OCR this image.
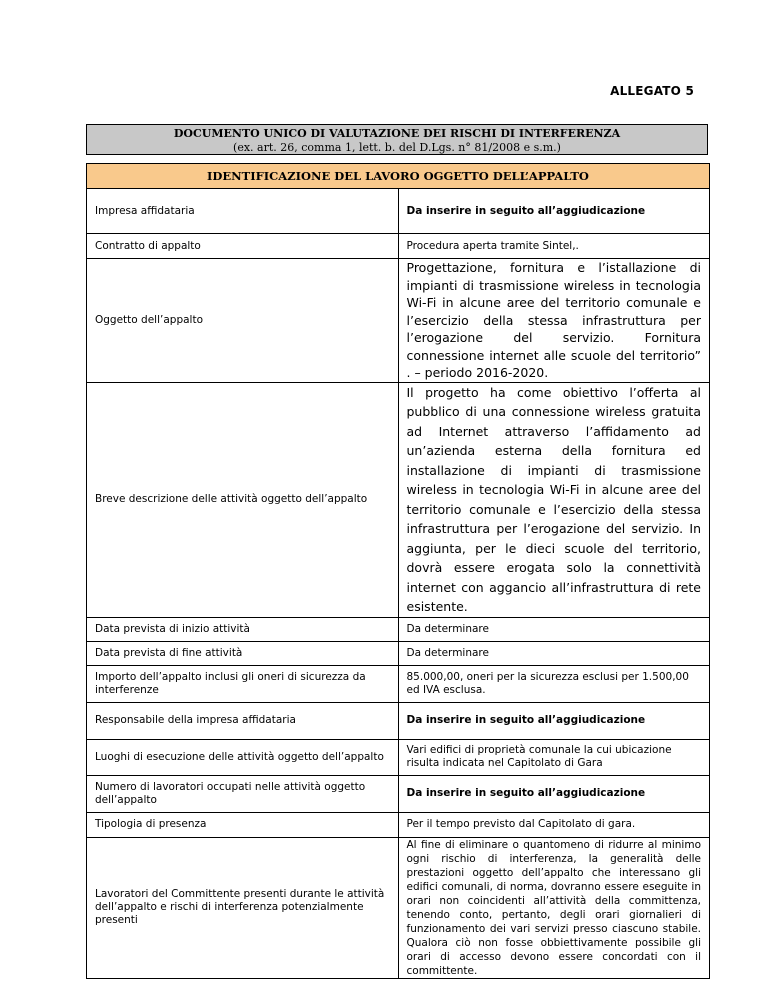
ALLEGATO 5
DOCUMENTO UNICO DI VALUTAZIONE DEI RISCHI DI INTERFERENZA
(ex. art. 26, comma 1, lett. b. del D.Lgs. n° 81/2008 e s.m.)
IDENTIFICAZIONE DEL LAVORO OGGETTO DELL’APPALTO	
Impresa affidataria	Da inserire in seguito all’aggiudicazione
Contratto di appalto	Procedura aperta tramite Sintel,.
Oggetto dell’appalto	Progettazione, fornitura e l’istallazione di impianti di trasmissione wireless in tecnologia Wi-Fi in alcune aree del territorio comunale e l’esercizio della stessa infrastruttura per l’erogazione del servizio. Fornitura connessione internet alle scuole del territorio” . – periodo 2016-2020.
Breve descrizione delle attività oggetto dell’appalto	Il progetto ha come obiettivo l’offerta al pubblico di una connessione wireless gratuita ad Internet attraverso l’affidamento ad un’azienda esterna della fornitura ed installazione di impianti di trasmissione wireless in tecnologia Wi-Fi in alcune aree del territorio comunale e l’esercizio della stessa infrastruttura per l’erogazione del servizio. In aggiunta, per le dieci scuole del territorio, dovrà essere erogata solo la connettività internet con aggancio all’infrastruttura di rete esistente.
Data prevista di inizio attività	Da determinare
Data prevista di fine attività	Da determinare
Importo dell’appalto inclusi gli oneri di sicurezza da interferenze	85.000,00, oneri per la sicurezza esclusi per 1.500,00 ed IVA esclusa.
Responsabile della impresa affidataria	Da inserire in seguito all’aggiudicazione
Luoghi di esecuzione delle attività oggetto dell’appalto	Vari edifici di proprietà comunale la cui ubicazione risulta indicata nel Capitolato di Gara
Numero di lavoratori occupati nelle attività oggetto dell’appalto	Da inserire in seguito all’aggiudicazione
Tipologia di presenza	Per il tempo previsto dal Capitolato di gara.
Lavoratori del Committente presenti durante le attività dell’appalto e rischi di interferenza potenzialmente presenti	Al fine di eliminare o quantomeno di ridurre al minimo ogni rischio di interferenza, la generalità delle prestazioni oggetto dell’appalto che interessano gli edifici comunali, di norma, dovranno essere eseguite in orari non coincidenti all’attività della committenza, tenendo conto, pertanto, degli orari giornalieri di funzionamento dei vari servizi presso ciascuno stabile. Qualora ciò non fosse obbiettivamente possibile gli orari di accesso devono essere concordati con il committente.
